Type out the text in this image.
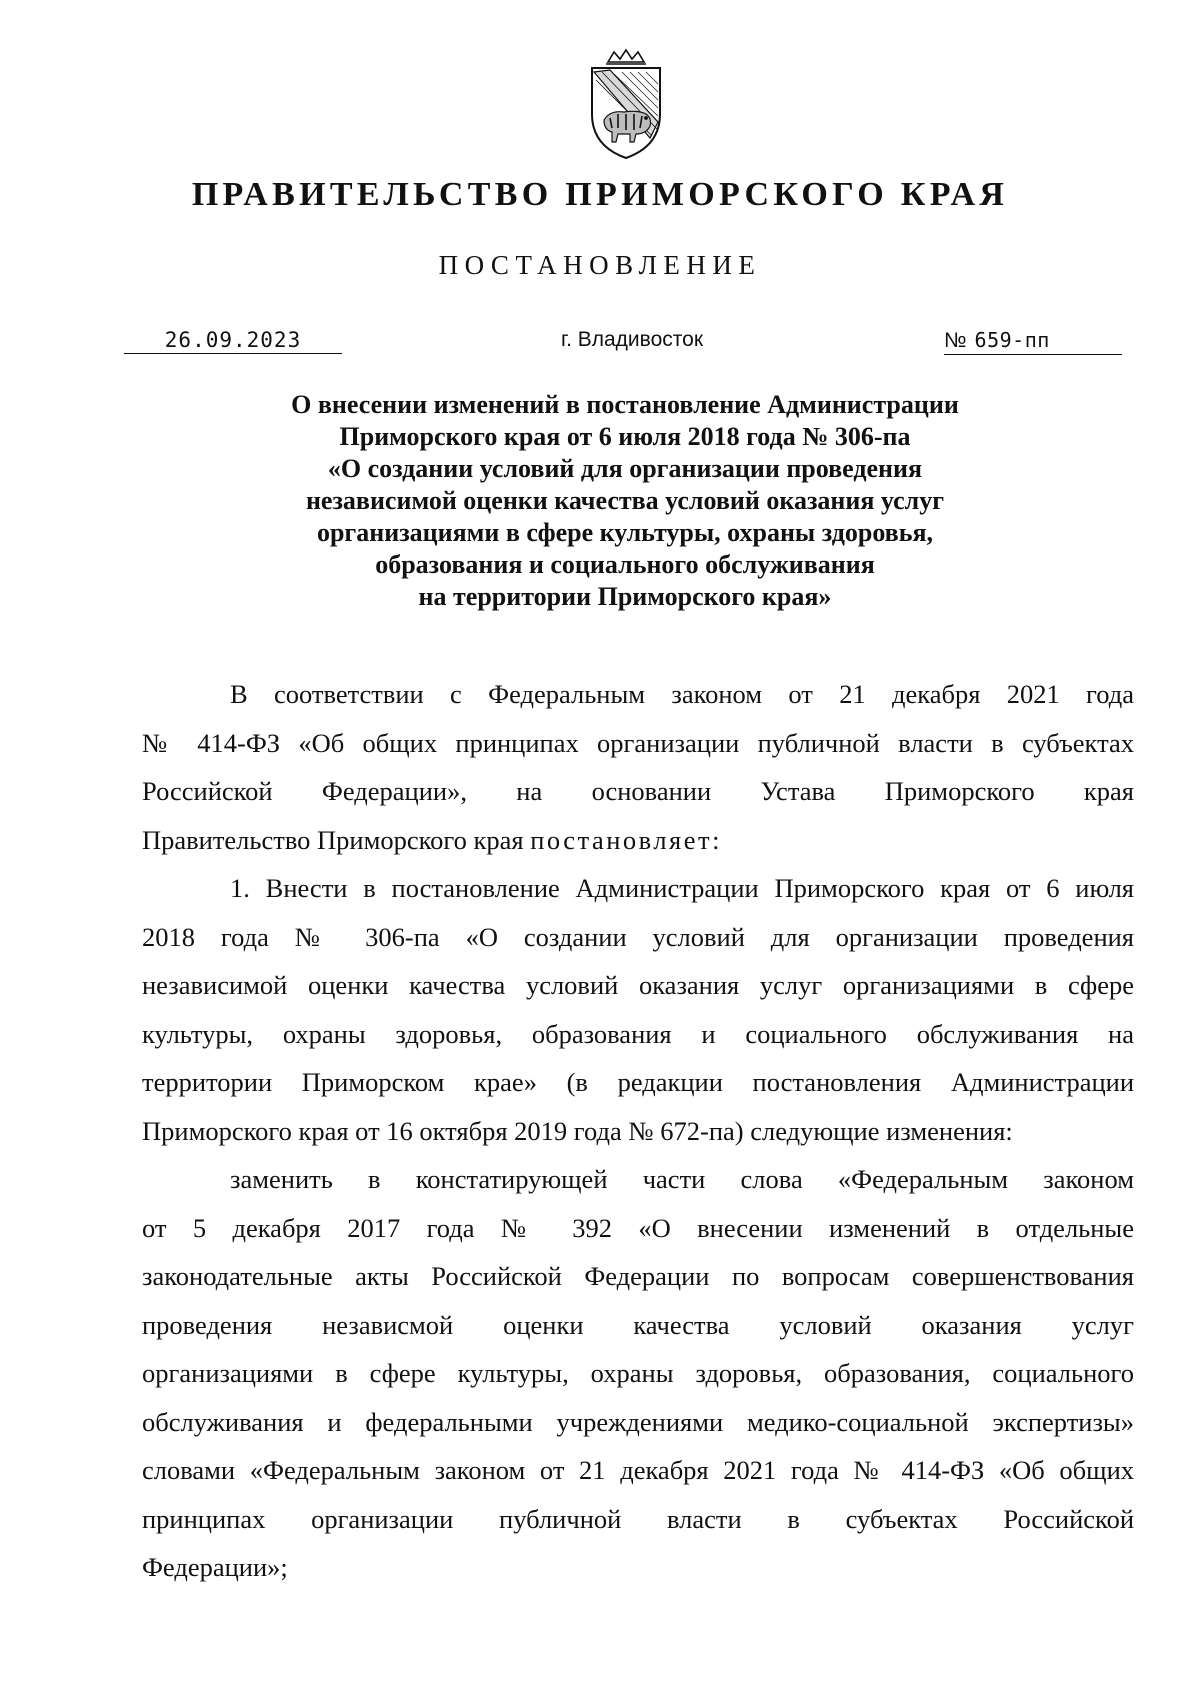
ПРАВИТЕЛЬСТВО ПРИМОРСКОГО КРАЯ
ПОСТАНОВЛЕНИЕ
26.09.2023	г. Владивосток	№ 659-пп
О внесении изменений в постановление Администрации
Приморского края от 6 июля 2018 года № 306-па
«О создании условий для организации проведения
независимой оценки качества условий оказания услуг
организациями в сфере культуры, охраны здоровья,
образования и социального обслуживания
на территории Приморского края»
В соответствии с Федеральным законом от 21 декабря 2021 года
№ 414-ФЗ «Об общих принципах организации публичной власти в субъектах
Российской Федерации», на основании Устава Приморского края
Правительство Приморского края постановляет:
1. Внести в постановление Администрации Приморского края от 6 июля
2018 года № 306-па «О создании условий для организации проведения
независимой оценки качества условий оказания услуг организациями в сфере
культуры, охраны здоровья, образования и социального обслуживания на
территории Приморском крае» (в редакции постановления Администрации
Приморского края от 16 октября 2019 года № 672-па) следующие изменения:
заменить в констатирующей части слова «Федеральным законом
от 5 декабря 2017 года № 392 «О внесении изменений в отдельные
законодательные акты Российской Федерации по вопросам совершенствования
проведения независмой оценки качества условий оказания услуг
организациями в сфере культуры, охраны здоровья, образования, социального
обслуживания и федеральными учреждениями медико-социальной экспертизы»
словами «Федеральным законом от 21 декабря 2021 года № 414-ФЗ «Об общих
принципах организации публичной власти в субъектах Российской
Федерации»;
